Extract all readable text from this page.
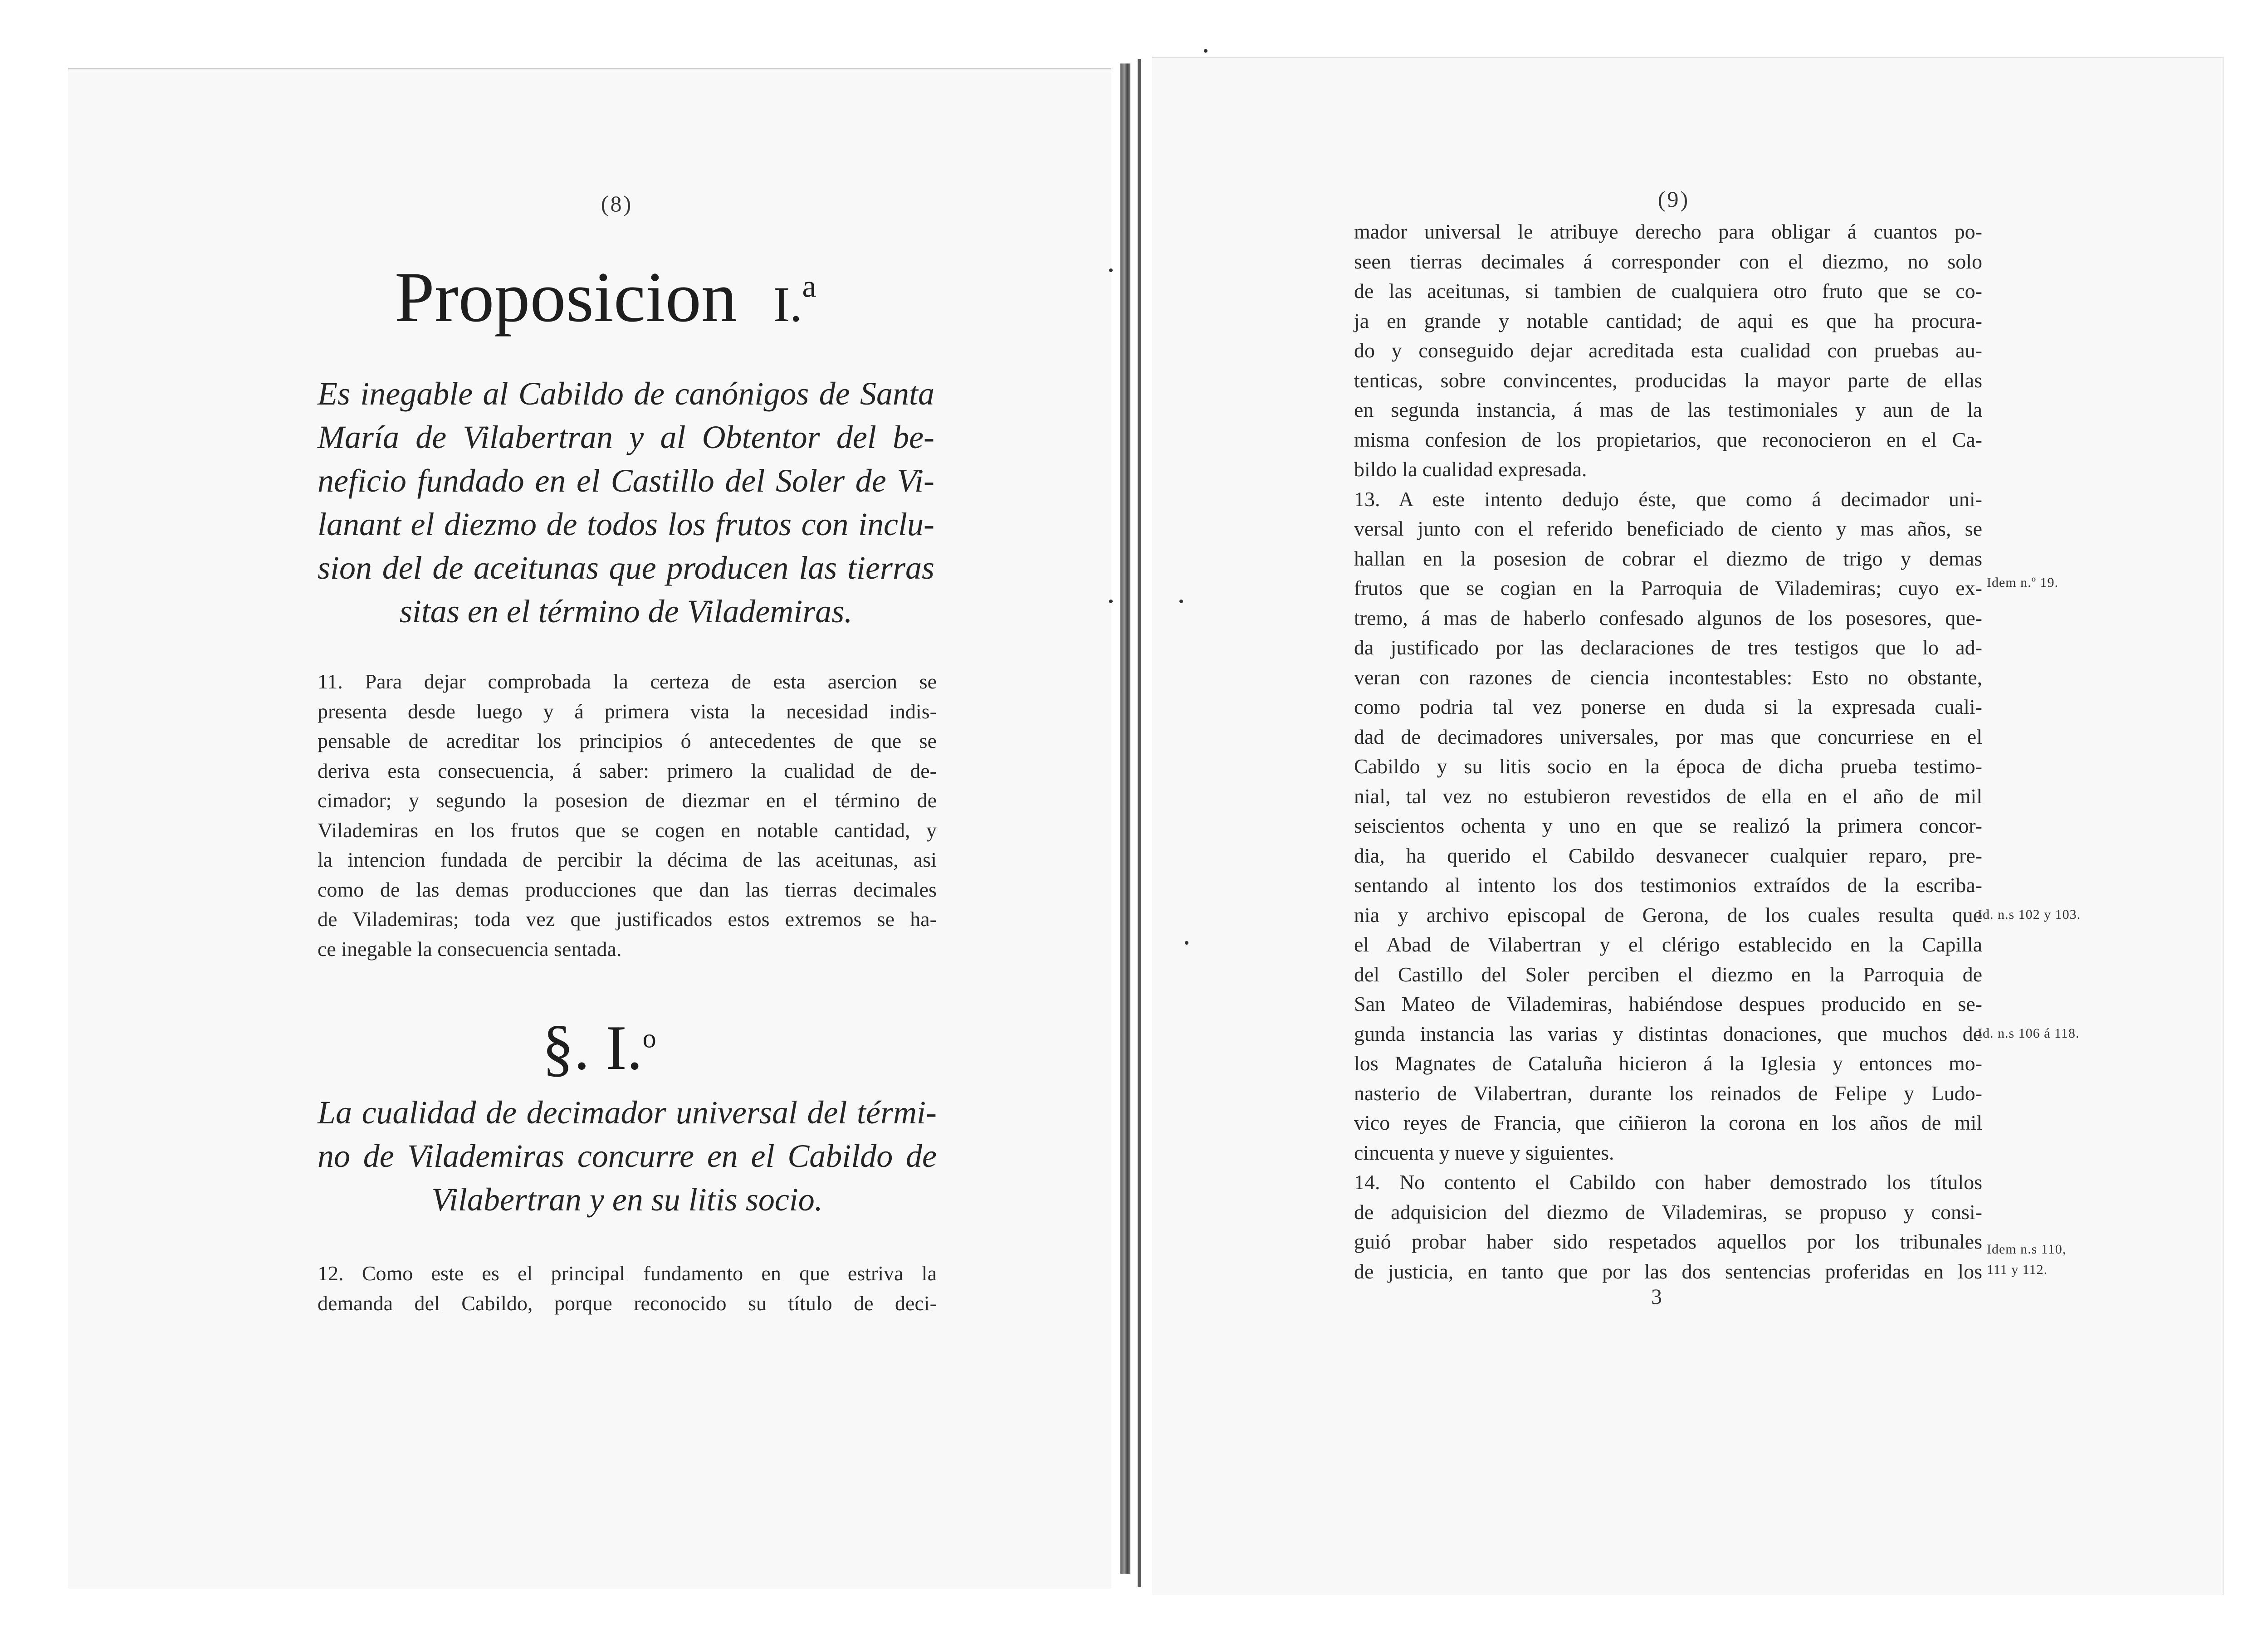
(8)
Proposicion I.$^a$
Es inegable al Cabildo de canónigos de Santa
María de Vilabertran y al Obtentor del be-
neficio fundado en el Castillo del Soler de Vi-
lanant el diezmo de todos los frutos con inclu-
sion del de aceitunas que producen las tierras
sitas en el término de Vilademiras.
11. Para dejar comprobada la certeza de esta asercion se
presenta desde luego y á primera vista la necesidad indis-
pensable de acreditar los principios ó antecedentes de que se
deriva esta consecuencia, á saber: primero la cualidad de de-
cimador; y segundo la posesion de diezmar en el término de
Vilademiras en los frutos que se cogen en notable cantidad, y
la intencion fundada de percibir la décima de las aceitunas, asi
como de las demas producciones que dan las tierras decimales
de Vilademiras; toda vez que justificados estos extremos se ha-
ce inegable la consecuencia sentada.
§. I.$^o$
La cualidad de decimador universal del térmi-
no de Vilademiras concurre en el Cabildo de
Vilabertran y en su litis socio.
12. Como este es el principal fundamento en que estriva la
demanda del Cabildo, porque reconocido su título de deci-
(9)
mador universal le atribuye derecho para obligar á cuantos po-
seen tierras decimales á corresponder con el diezmo, no solo
de las aceitunas, si tambien de cualquiera otro fruto que se co-
ja en grande y notable cantidad; de aqui es que ha procura-
do y conseguido dejar acreditada esta cualidad con pruebas au-
tenticas, sobre convincentes, producidas la mayor parte de ellas
en segunda instancia, á mas de las testimoniales y aun de la
misma confesion de los propietarios, que reconocieron en el Ca-
bildo la cualidad expresada.
13. A este intento dedujo éste, que como á decimador uni-
versal junto con el referido beneficiado de ciento y mas años, se
hallan en la posesion de cobrar el diezmo de trigo y demas
frutos que se cogian en la Parroquia de Vilademiras; cuyo ex-
tremo, á mas de haberlo confesado algunos de los posesores, que-
da justificado por las declaraciones de tres testigos que lo ad-
veran con razones de ciencia incontestables: Esto no obstante,
como podria tal vez ponerse en duda si la expresada cuali-
dad de decimadores universales, por mas que concurriese en el
Cabildo y su litis socio en la época de dicha prueba testimo-
nial, tal vez no estubieron revestidos de ella en el año de mil
seiscientos ochenta y uno en que se realizó la primera concor-
dia, ha querido el Cabildo desvanecer cualquier reparo, pre-
sentando al intento los dos testimonios extraídos de la escriba-
nia y archivo episcopal de Gerona, de los cuales resulta que
el Abad de Vilabertran y el clérigo establecido en la Capilla
del Castillo del Soler perciben el diezmo en la Parroquia de
San Mateo de Vilademiras, habiéndose despues producido en se-
gunda instancia las varias y distintas donaciones, que muchos de
los Magnates de Cataluña hicieron á la Iglesia y entonces mo-
nasterio de Vilabertran, durante los reinados de Felipe y Ludo-
vico reyes de Francia, que ciñieron la corona en los años de mil
cincuenta y nueve y siguientes.
14. No contento el Cabildo con haber demostrado los títulos
de adquisicion del diezmo de Vilademiras, se propuso y consi-
guió probar haber sido respetados aquellos por los tribunales
de justicia, en tanto que por las dos sentencias proferidas en los
Idem n.º 19.
Id. n.s 102 y 103.
Id. n.s 106 á 118.
Idem n.s 110,
111 y 112.
3
